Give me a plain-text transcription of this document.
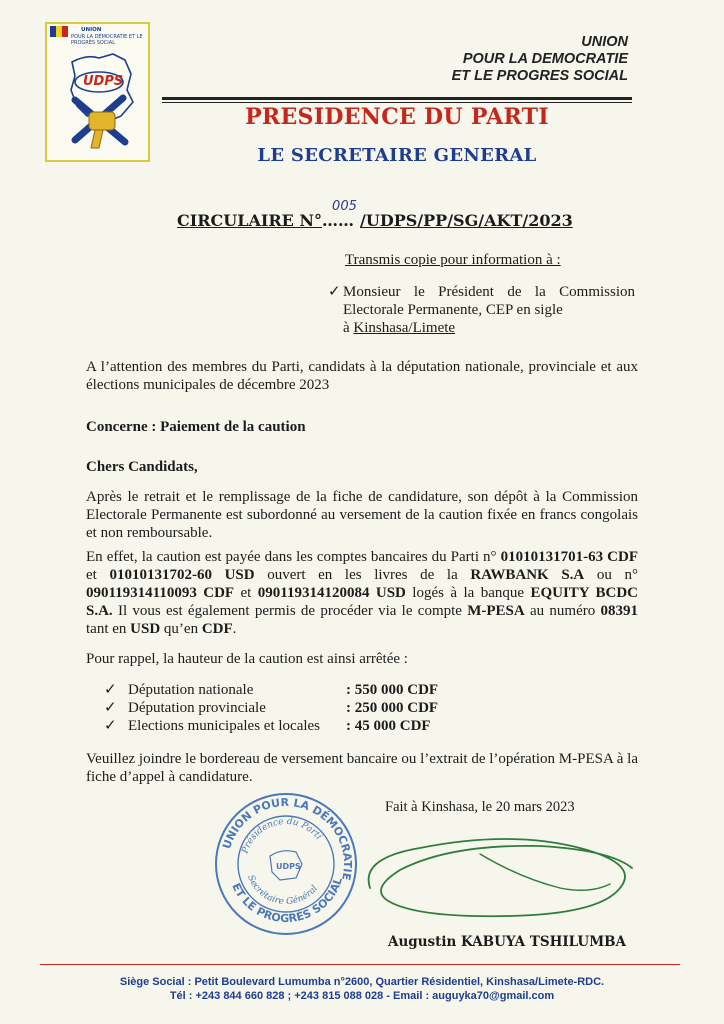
UNION
POUR LA DÉMOCRATIE ET LE PROGRÈS SOCIAL
UDPS
UNION
POUR LA DEMOCRATIE
ET LE PROGRES SOCIAL
PRESIDENCE DU PARTI
LE SECRETAIRE GENERAL
CIRCULAIRE N°……
005
/UDPS/PP/SG/AKT/2023
Transmis copie pour information à :
✓ Monsieur le Président de la Commission Electorale Permanente, CEP en sigle
à Kinshasa/Limete
A l’attention des membres du Parti, candidats à la députation nationale, provinciale et aux élections municipales de décembre 2023
Concerne : Paiement de la caution
Chers Candidats,
Après le retrait et le remplissage de la fiche de candidature, son dépôt à la Commission Electorale Permanente est subordonné au versement de la caution fixée en francs congolais et non remboursable.
En effet, la caution est payée dans les comptes bancaires du Parti n° 01010131701-63 CDF et 01010131702-60 USD ouvert en les livres de la RAWBANK S.A ou n° 090119314110093 CDF et 090119314120084 USD logés à la banque EQUITY BCDC S.A. Il vous est également permis de procéder via le compte M-PESA au numéro 08391 tant en USD qu’en CDF.
Pour rappel, la hauteur de la caution est ainsi arrêtée :
✓ Députation nationale	: 550 000 CDF
✓ Députation provinciale	: 250 000 CDF
✓ Elections municipales et locales : 45 000 CDF
Veuillez joindre le bordereau de versement bancaire ou l’extrait de l’opération M-PESA à la fiche d’appel à candidature.
Fait à Kinshasa, le 20 mars 2023
UNION POUR LA DÉMOCRATIE
ET LE PROGRÈS SOCIAL
Présidence du Parti
Secrétaire Général
UDPS
Augustin KABUYA TSHILUMBA
Siège Social : Petit Boulevard Lumumba n°2600, Quartier Résidentiel, Kinshasa/Limete-RDC.
Tél : +243 844 660 828 ; +243 815 088 028 - Email : auguyka70@gmail.com
